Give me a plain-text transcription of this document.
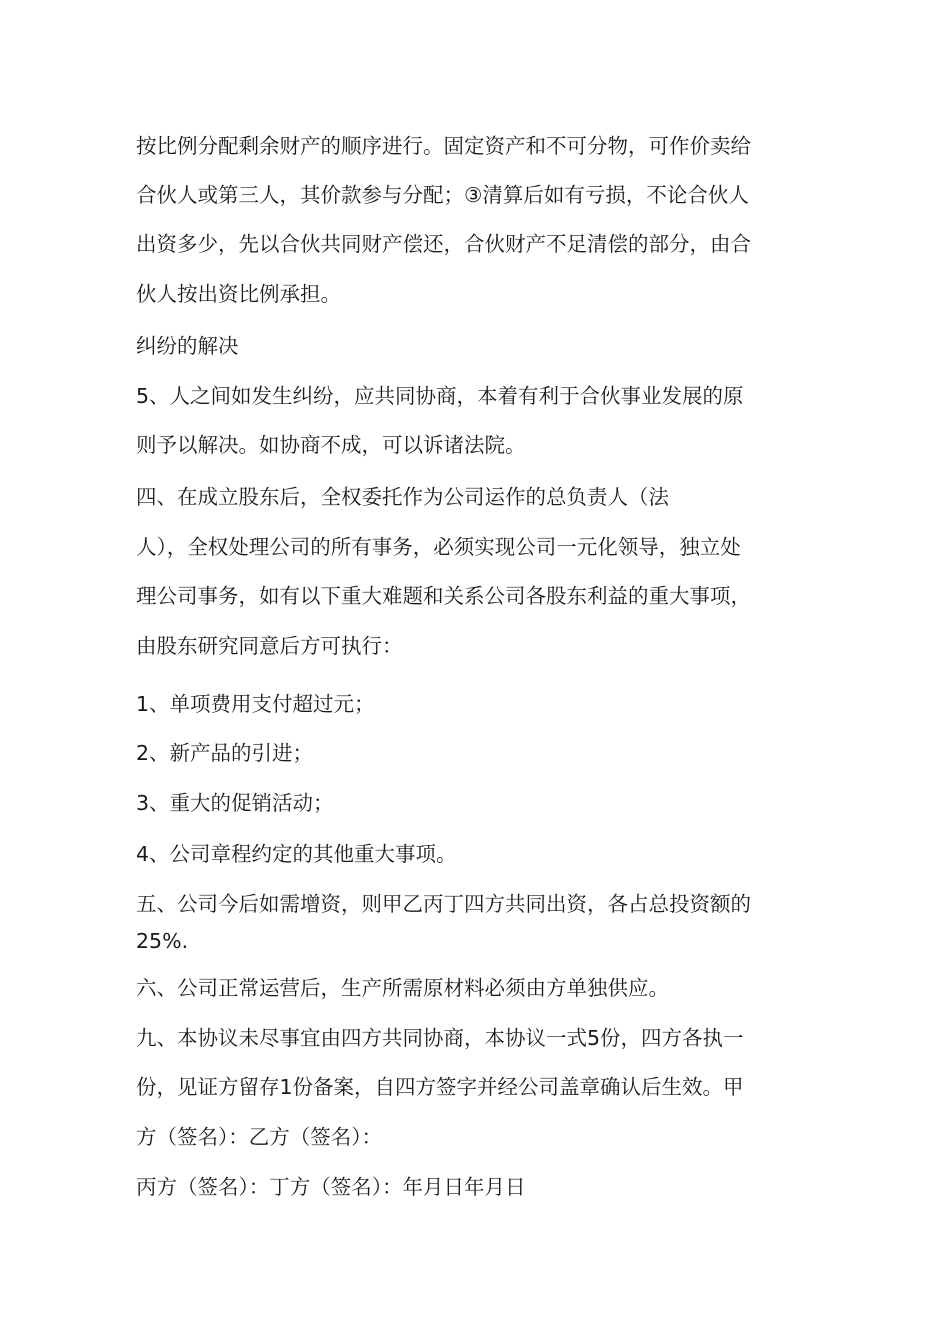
按比例分配剩余财产的顺序进行。固定资产和不可分物，可作价卖给
合伙人或第三人，其价款参与分配；③清算后如有亏损，不论合伙人
出资多少，先以合伙共同财产偿还，合伙财产不足清偿的部分，由合
伙人按出资比例承担。
纠纷的解决
5、人之间如发生纠纷，应共同协商，本着有利于合伙事业发展的原
则予以解决。如协商不成，可以诉诸法院。
四、在成立股东后，全权委托作为公司运作的总负责人（法
人），全权处理公司的所有事务，必须实现公司一元化领导，独立处
理公司事务，如有以下重大难题和关系公司各股东利益的重大事项，
由股东研究同意后方可执行：
1、单项费用支付超过元；
2、新产品的引进；
3、重大的促销活动；
4、公司章程约定的其他重大事项。
五、公司今后如需增资，则甲乙丙丁四方共同出资，各占总投资额的
25%.
六、公司正常运营后，生产所需原材料必须由方单独供应。
九、本协议未尽事宜由四方共同协商，本协议一式5份，四方各执一
份，见证方留存1份备案，自四方签字并经公司盖章确认后生效。甲
方（签名）：乙方（签名）：
丙方（签名）：丁方（签名）：年月日年月日
